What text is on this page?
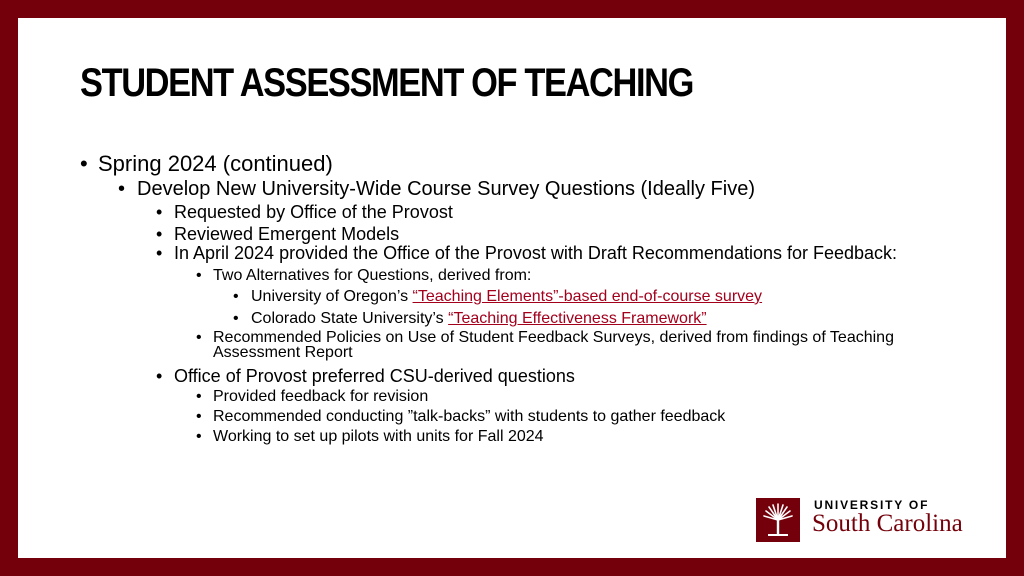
STUDENT ASSESSMENT OF TEACHING
• Spring 2024 (continued)
• Develop New University-Wide Course Survey Questions (Ideally Five)
• Requested by Office of the Provost
• Reviewed Emergent Models
• In April 2024 provided the Office of the Provost with Draft Recommendations for Feedback:
• Two Alternatives for Questions, derived from:
• University of Oregon’s “Teaching Elements”-based end-of-course survey
• Colorado State University’s “Teaching Effectiveness Framework”
• Recommended Policies on Use of Student Feedback Surveys, derived from findings of Teaching Assessment Report
• Office of Provost preferred CSU-derived questions
• Provided feedback for revision
• Recommended conducting ”talk-backs” with students to gather feedback
• Working to set up pilots with units for Fall 2024
UNIVERSITY OF
South Carolina
